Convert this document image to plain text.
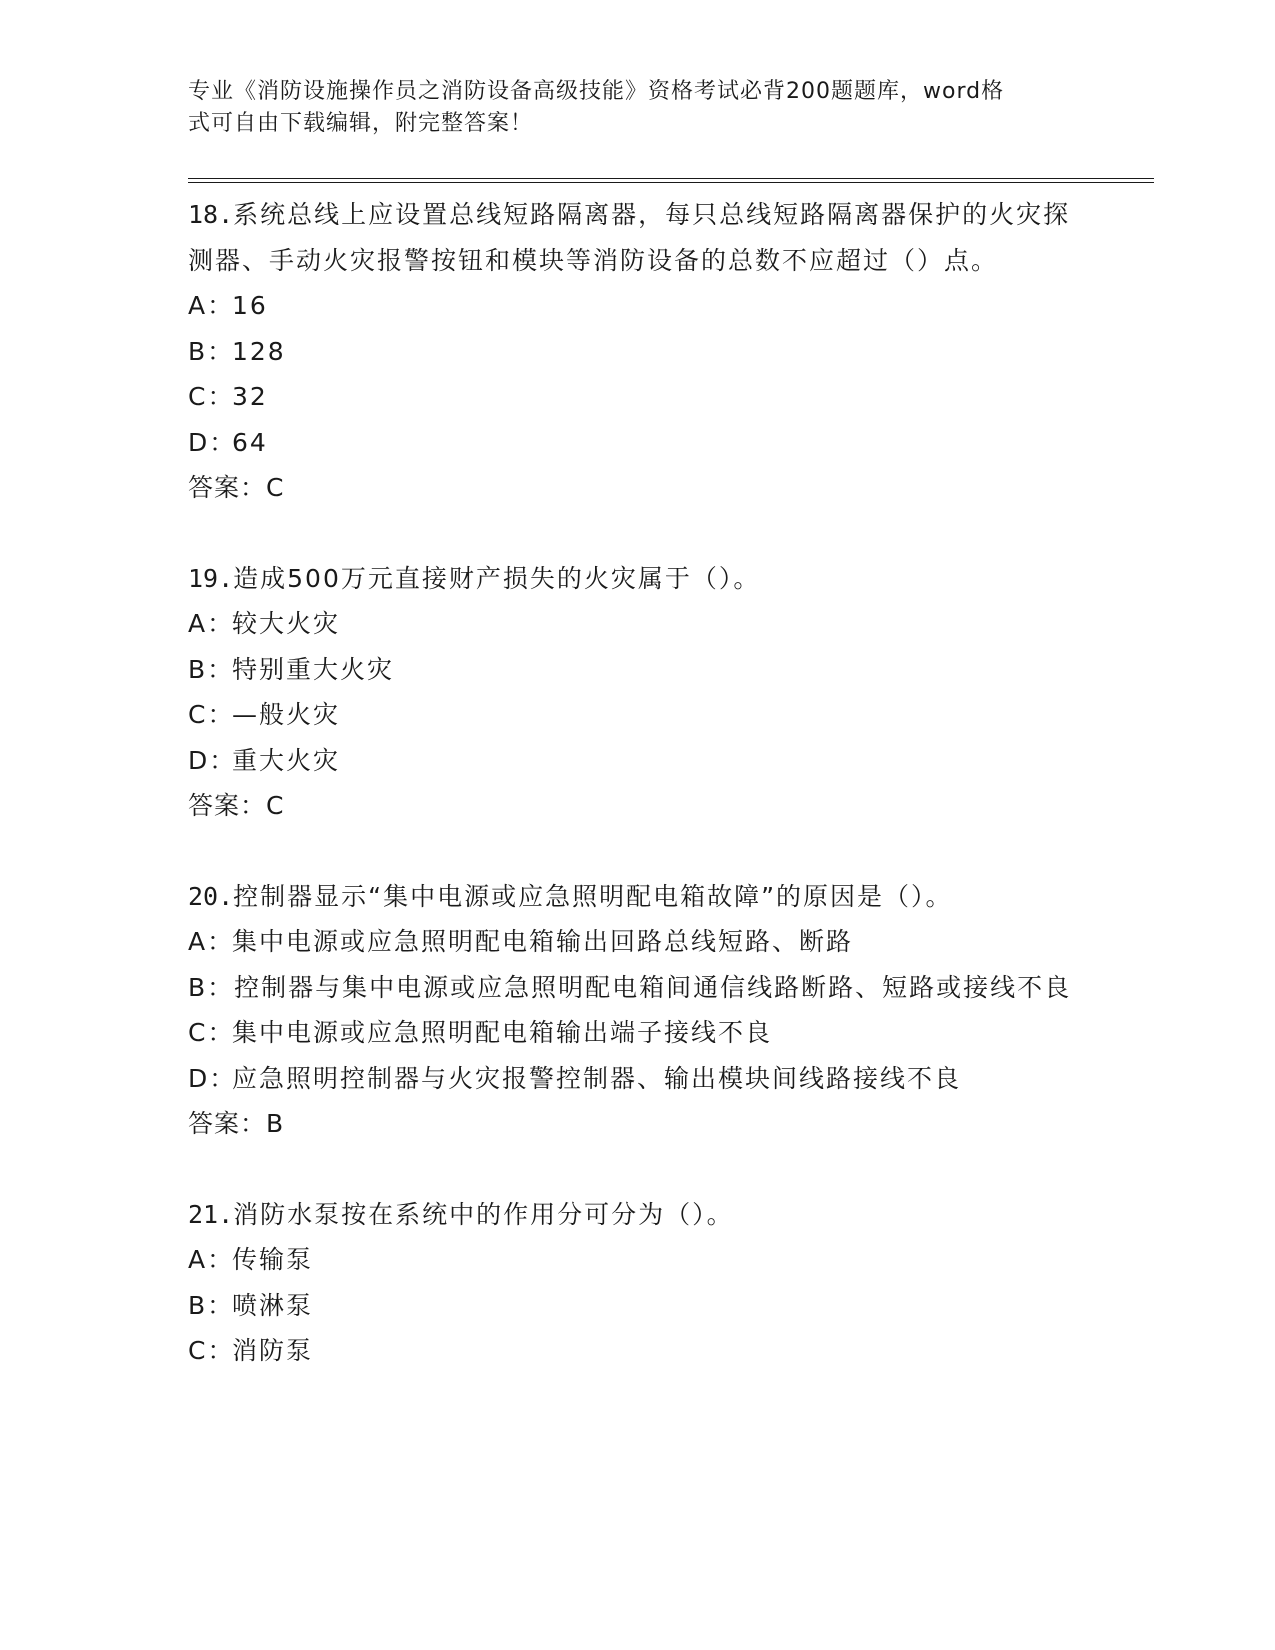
专业《消防设施操作员之消防设备高级技能》资格考试必背200题题库，word格
式可自由下载编辑，附完整答案！

18.系统总线上应设置总线短路隔离器，每只总线短路隔离器保护的火灾探测器、手动火灾报警按钮和模块等消防设备的总数不应超过（）点。

A：
16
B：
128
C：
32
D：
64

答案：C

19.造成500万元直接财产损失的火灾属于（）。

A：
较大火灾
B：
特别重大火灾
C：
—般火灾
D：
重大火灾

答案：C

20.控制器显示“集中电源或应急照明配电箱故障”的原因是（）。

A：
集中电源或应急照明配电箱输出回路总线短路、断路

B：控制器与集中电源或应急照明配电箱间通信线路断路、短路或接线不良

C：
集中电源或应急照明配电箱输出端子接线不良
D：
应急照明控制器与火灾报警控制器、输出模块间线路接线不良

答案：B

21.消防水泵按在系统中的作用分可分为（）。

A：
传输泵
B：
喷淋泵
C：
消防泵
